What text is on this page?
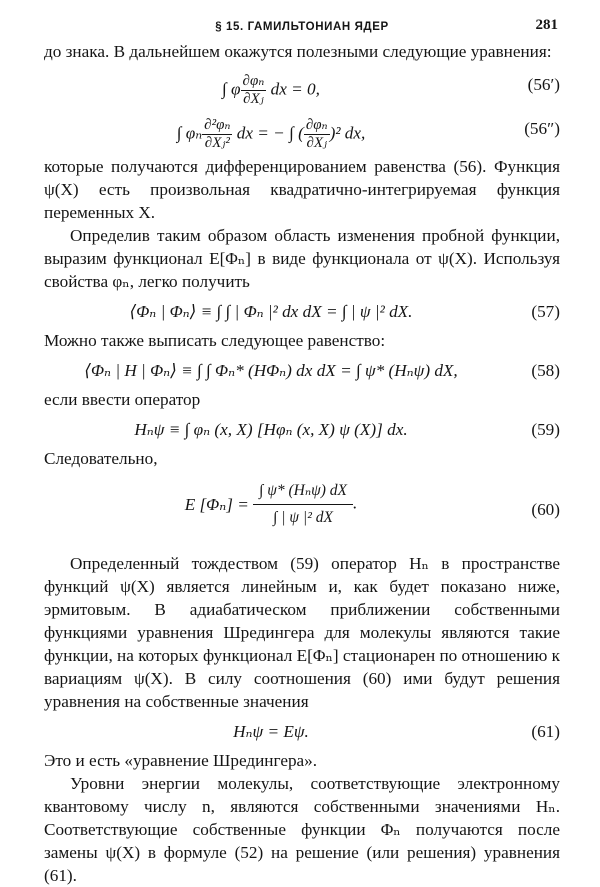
§ 15. ГАМИЛЬТОНИАН ЯДЕР	281

до знака. В дальнейшем окажутся полезными следующие уравнения:

∫ φ $\frac{\text{∂φₙ}}{\text{∂Xⱼ}}$ dx = 0,	(56′)
∫ φₙ $\frac{\text{∂²φₙ}}{\text{∂Xⱼ²}}$ dx = − ∫ ( $\frac{\text{∂φₙ}}{\text{∂Xⱼ}} )^2$ dx,	(56″)

которые получаются дифференцированием равенства (56). Функция ψ(X) есть произвольная квадратично-интегрируемая функция переменных X.

Определив таким образом область изменения пробной функции, выразим функционал E[Φₙ] в виде функционала от ψ(X). Используя свойства φₙ, легко получить

⟨Φₙ | Φₙ⟩ ≡ ∫ ∫ | Φₙ |² dx dX = ∫ | ψ |² dX.	(57)

Можно также выписать следующее равенство:

⟨Φₙ | H | Φₙ⟩ ≡ ∫ ∫ Φₙ* (HΦₙ) dx dX = ∫ ψ* (Hₙψ) dX,	(58)

если ввести оператор

Hₙψ ≡ ∫ φₙ (x, X) [Hφₙ (x, X) ψ (X)] dx.	(59)

Следовательно,

E $[\Phi_n] = \frac{\text{∫ ψ* (Hₙψ) dX}}{\text{∫ | ψ |² dX}}$ .	(60)

Определенный тождеством (59) оператор Hₙ в пространстве функций ψ(X) является линейным и, как будет показано ниже, эрмитовым. В адиабатическом приближении собственными функциями уравнения Шредингера для молекулы являются такие функции, на которых функционал E[Φₙ] стационарен по отношению к вариациям ψ(X). В силу соотношения (60) ими будут решения уравнения на собственные значения

Hₙψ = Eψ.	(61)

Это и есть «уравнение Шредингера».

Уровни энергии молекулы, соответствующие электронному квантовому числу n, являются собственными значениями Hₙ. Соответствующие собственные функции Φₙ получаются после замены ψ(X) в формуле (52) на решение (или решения) уравнения (61).
